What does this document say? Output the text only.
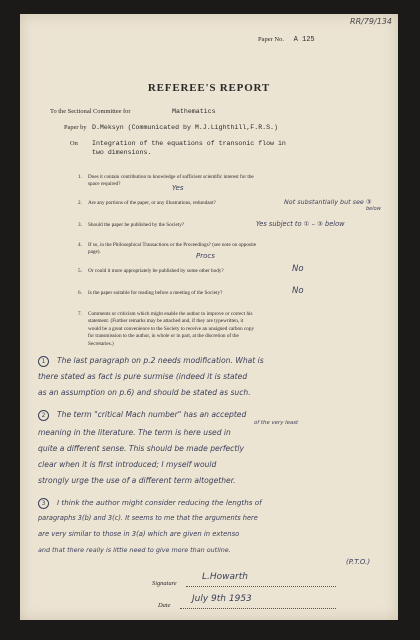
RR/79/134
Paper No. A 125
REFEREE'S REPORT
To the Sectional Committee for	Mathematics
Paper by D.Meksyn (Communicated by M.J.Lighthill,F.R.S.)
On Integration of the equations of transonic flow in
two dimensions.
1. Does it contain contribution to knowledge of sufficient scientific interest for the
space required?
2. Are any portions of the paper, or any illustrations, redundant?
3. Should the paper be published by the Society?
4. If so, in the Philosophical Transactions or the Proceedings? (see note on opposite
page).
5. Or could it more appropriately be published by some other body?
6. Is the paper suitable for reading before a meeting of the Society?
7. Comments or criticism which might enable the author to improve or correct his
statement. (Further remarks may be attached and, if they are typewritten, it
would be a great convenience to the Society to receive an unsigned carbon copy
for transmission to the author, in whole or in part, at the discretion of the
Secretaries.)
Yes
Not substantially but see ③
below
Yes subject to ① – ③ below
Procs
No
No
1 The last paragraph on p.2 needs modification. What is
there stated as fact is pure surmise (indeed it is stated
as an assumption on p.6) and should be stated as such.
2 The term "critical Mach number" has an accepted
of the very least
meaning in the literature. The term is here used in
quite a different sense. This should be made perfectly
clear when it is first introduced; I myself would
strongly urge the use of a different term altogether.
3 I think the author might consider reducing the lengths of
paragraphs 3(b) and 3(c). It seems to me that the arguments here
are very similar to those in 3(a) which are given in extenso
and that there really is little need to give more than outline.
(P.T.O.)
Signature
L.Howarth
Date
July 9th 1953
